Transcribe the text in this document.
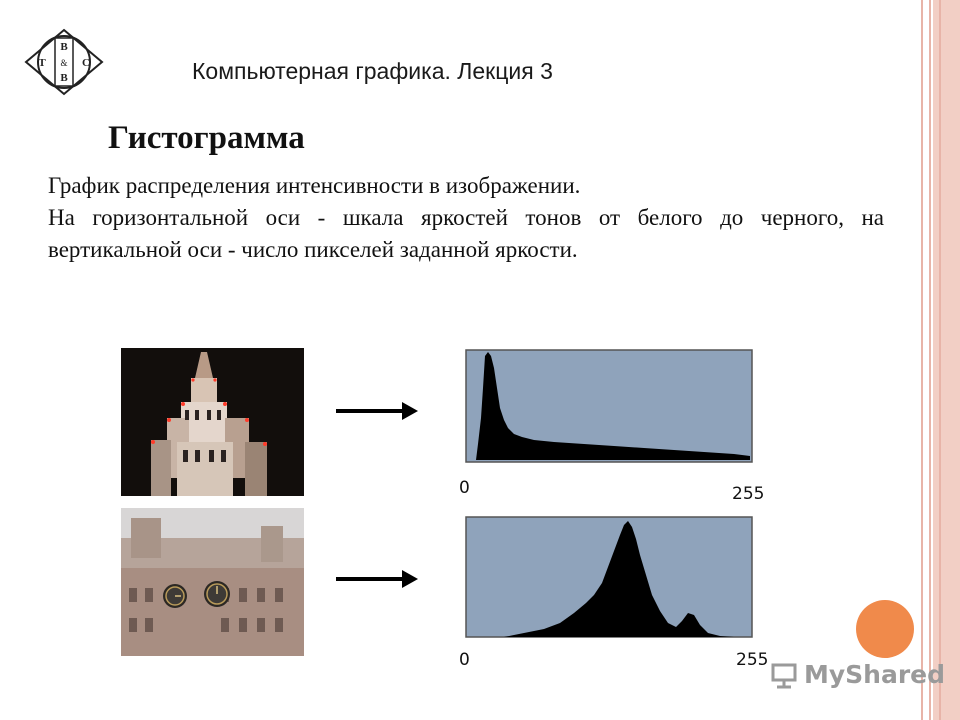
B
T	C
&
B	Компьютерная графика. Лекция 3
Гистограмма

График распределения интенсивности в изображении.

На горизонтальной оси - шкала яркостей тонов от белого до черного, на вертикальной оси - число пикселей заданной яркости.

0	255
0	255 MyShared
